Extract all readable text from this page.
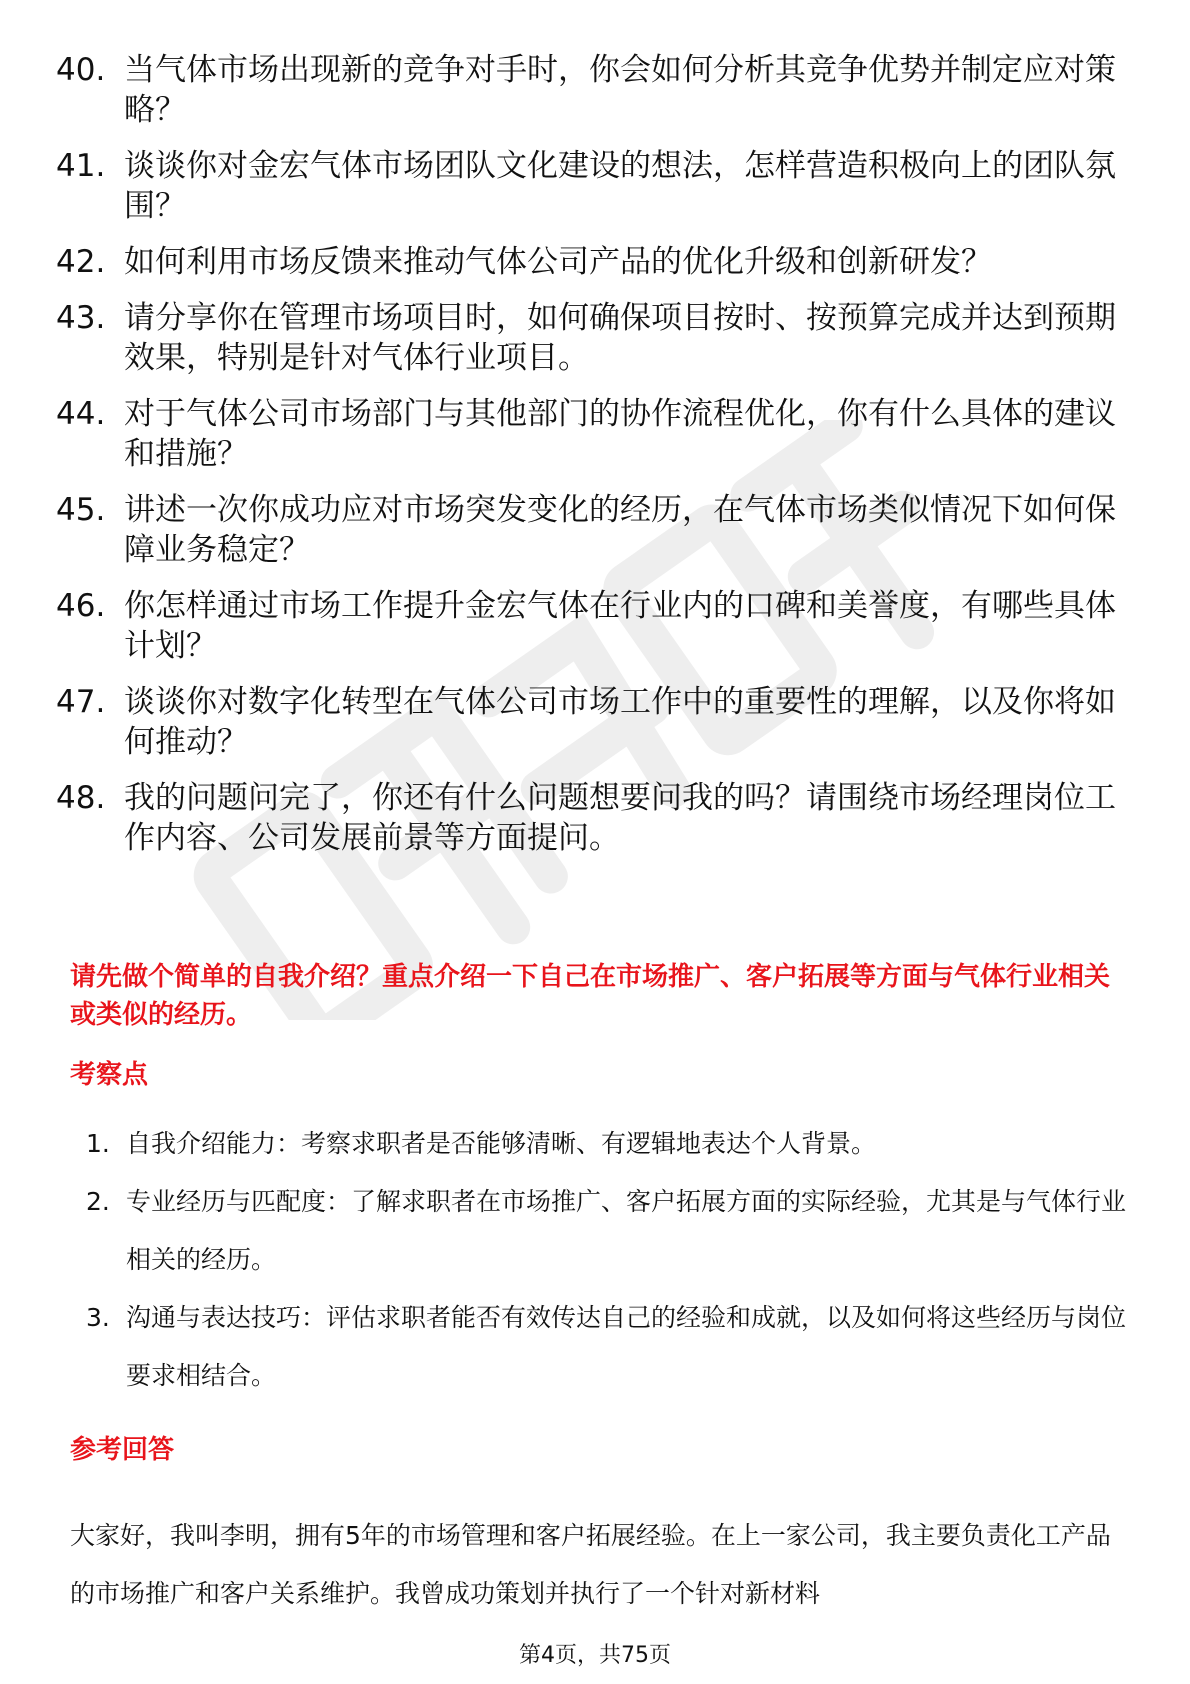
40. 当气体市场出现新的竞争对手时，你会如何分析其竞争优势并制定应对策略？
41. 谈谈你对金宏气体市场团队文化建设的想法，怎样营造积极向上的团队氛围？
42. 如何利用市场反馈来推动气体公司产品的优化升级和创新研发？
43. 请分享你在管理市场项目时，如何确保项目按时、按预算完成并达到预期效果，特别是针对气体行业项目。
44. 对于气体公司市场部门与其他部门的协作流程优化，你有什么具体的建议和措施？
45. 讲述一次你成功应对市场突发变化的经历，在气体市场类似情况下如何保障业务稳定？
46. 你怎样通过市场工作提升金宏气体在行业内的口碑和美誉度，有哪些具体计划？
47. 谈谈你对数字化转型在气体公司市场工作中的重要性的理解，以及你将如何推动？
48. 我的问题问完了，你还有什么问题想要问我的吗？请围绕市场经理岗位工作内容、公司发展前景等方面提问。
请先做个简单的自我介绍？重点介绍一下自己在市场推广、客户拓展等方面与气体行业相关或类似的经历。
考察点
1. 自我介绍能力：考察求职者是否能够清晰、有逻辑地表达个人背景。
2. 专业经历与匹配度：了解求职者在市场推广、客户拓展方面的实际经验，尤其是与气体行业相关的经历。
3. 沟通与表达技巧：评估求职者能否有效传达自己的经验和成就，以及如何将这些经历与岗位要求相结合。
参考回答
大家好，我叫李明，拥有5年的市场管理和客户拓展经验。在上一家公司，我主要负责化工产品的市场推广和客户关系维护。我曾成功策划并执行了一个针对新材料
第4页，共75页
